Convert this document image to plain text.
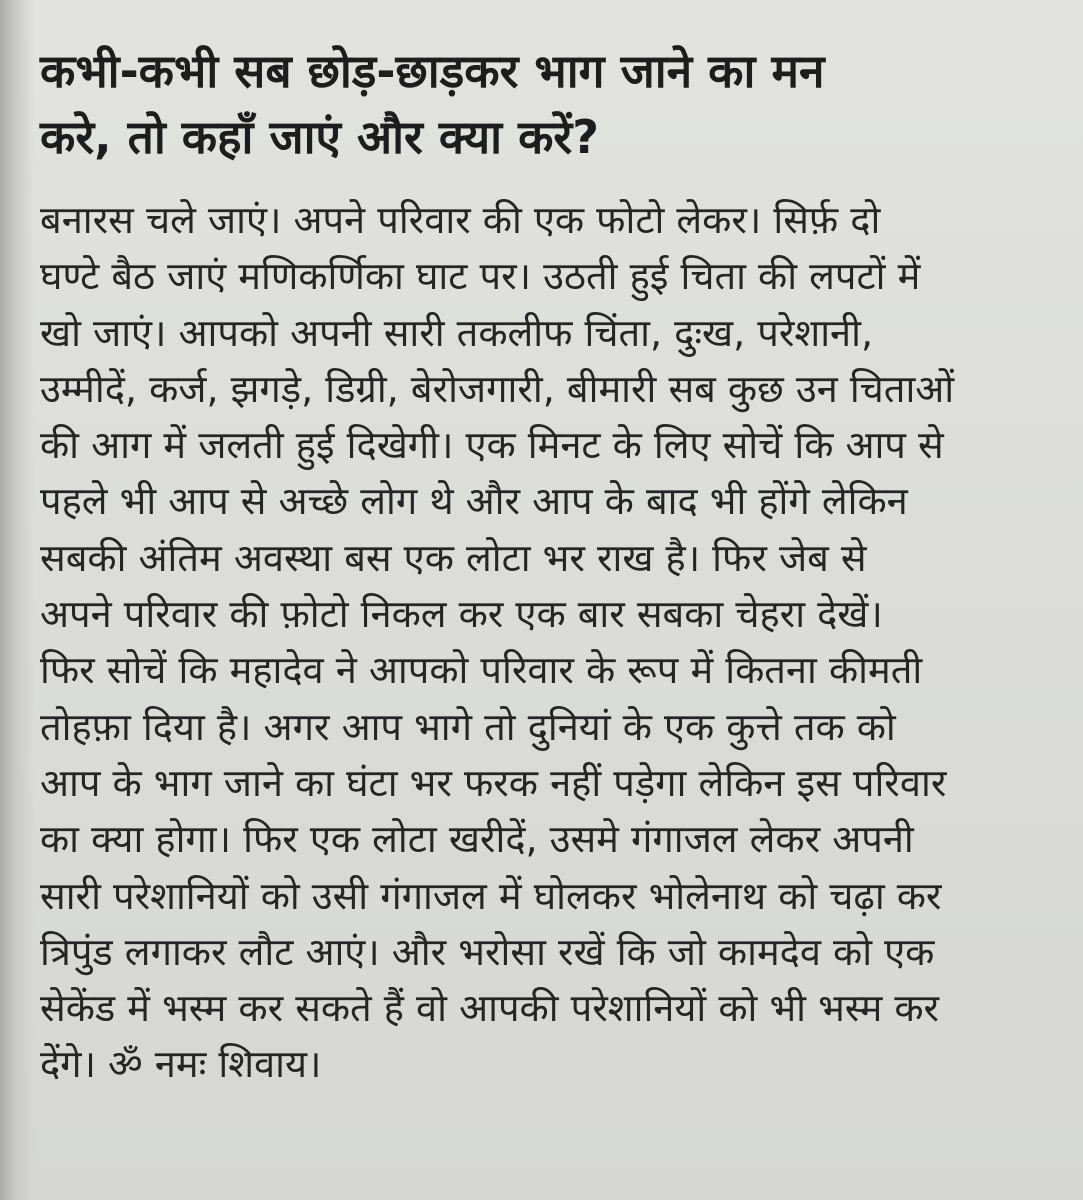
कभी-कभी सब छोड़-छाड़कर भाग जाने का मन
करे, तो कहाँ जाएं और क्या करें?
बनारस चले जाएं। अपने परिवार की एक फोटो लेकर। सिर्फ़ दो
घण्टे बैठ जाएं मणिकर्णिका घाट पर। उठती हुई चिता की लपटों में
खो जाएं। आपको अपनी सारी तकलीफ चिंता, दुःख, परेशानी,
उम्मीदें, कर्ज, झगड़े, डिग्री, बेरोजगारी, बीमारी सब कुछ उन चिताओं
की आग में जलती हुई दिखेगी। एक मिनट के लिए सोचें कि आप से
पहले भी आप से अच्छे लोग थे और आप के बाद भी होंगे लेकिन
सबकी अंतिम अवस्था बस एक लोटा भर राख है। फिर जेब से
अपने परिवार की फ़ोटो निकल कर एक बार सबका चेहरा देखें।
फिर सोचें कि महादेव ने आपको परिवार के रूप में कितना कीमती
तोहफ़ा दिया है। अगर आप भागे तो दुनियां के एक कुत्ते तक को
आप के भाग जाने का घंटा भर फरक नहीं पड़ेगा लेकिन इस परिवार
का क्या होगा। फिर एक लोटा खरीदें, उसमे गंगाजल लेकर अपनी
सारी परेशानियों को उसी गंगाजल में घोलकर भोलेनाथ को चढ़ा कर
त्रिपुंड लगाकर लौट आएं। और भरोसा रखें कि जो कामदेव को एक
सेकेंड में भस्म कर सकते हैं वो आपकी परेशानियों को भी भस्म कर
देंगे। ॐ नमः शिवाय।
